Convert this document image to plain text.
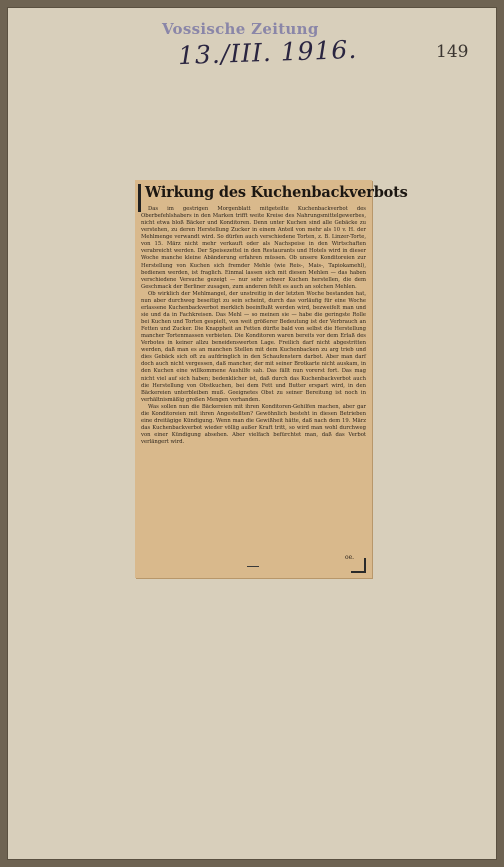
Vossische Zeitung
13./III. 1916.	149
Wirkung des Kuchenbackverbots

Das im gestrigen Morgenblatt mitgeteilte Kuchenbackverbot des Oberbefehlshabers in den Marken trifft weite Kreise des Nahrungsmittelgewerbes, nicht etwa bloß Bäcker und Konditoren. Denn unter Kuchen sind alle Gebäcke zu verstehen, zu deren Herstellung Zucker in einem Anteil von mehr als 10 v. H. der Mehlmenge verwandt wird. So dürfen auch verschiedene Torten, z. B. Linzer-Torte, von 15. März nicht mehr verkauft oder als Nachspeise in den Wirtschaften verabreicht werden. Der Speisezettel in den Restaurants und Hotels wird in dieser Woche manche kleine Abänderung erfahren müssen. Ob unsere Konditoreien zur Herstellung von Kuchen sich fremder Mehle (wie Reis-, Mais-, Tapiokamehl), bedienen werden, ist fraglich. Einmal lassen sich mit diesen Mehlen — das haben verschiedene Versuche gezeigt — nur sehr schwer Kuchen herstellen, die dem Geschmack der Berliner zusagen, zum anderen fehlt es auch an solchen Mehlen.

Ob wirklich der Mehlmangel, der unstreitig in der letzten Woche bestanden hat, nun aber durchweg beseitigt zu sein scheint, durch das vorläufig für eine Woche erlassene Kuchenbackverbot merklich beeinflußt werden wird, bezweifelt man und sie und da in Fachkreisen. Das Mehl — so meinen sie — habe die geringste Rolle bei Kuchen und Torten gespielt, von weit größerer Bedeutung ist der Verbrauch an Fetten und Zucker. Die Knappheit an Fetten dürfte bald von selbst die Herstellung mancher Tortenmassen verbieten. Die Konditoren waren bereits vor dem Erlaß des Verbotes in keiner allzu beneidenswerten Lage. Freilich darf nicht abgestritten werden, daß man es an manchen Stellen mit dem Kuchenbacken zu arg trieb und dies Gebäck sich oft zu aufdringlich in den Schaufenstern darbot. Aber man darf doch auch nicht vergessen, daß mancher, der mit seiner Brotkarte nicht auskam, in den Kuchen eine willkommene Aushilfe sah. Das fällt nun vorerst fort. Das mag nicht viel auf sich haben; bedenklicher ist, daß durch das Kuchenbackverbot auch die Herstellung von Obstkuchen, bei dem Fett und Butter erspart wird, in den Bäckereien unterbleiben muß. Geeignetes Obst zu seiner Bereitung ist noch in verhältnismäßig großen Mengen vorhanden.

Was sollen nun die Bäckereien mit ihren Konditoren-Gehilfen machen, aber gar die Konditoreien mit ihren Angestellten? Gewöhnlich besteht in diesen Betrieben eine dreitägige Kündigung. Wenn man die Gewißheit hätte, daß nach dem 19. März das Kuchenbackverbot wieder völlig außer Kraft tritt, so wird man wohl durchweg von einer Kündigung absehen. Aber vielfach befürchtet man, daß das Verbot verlängert wird.

oe.
